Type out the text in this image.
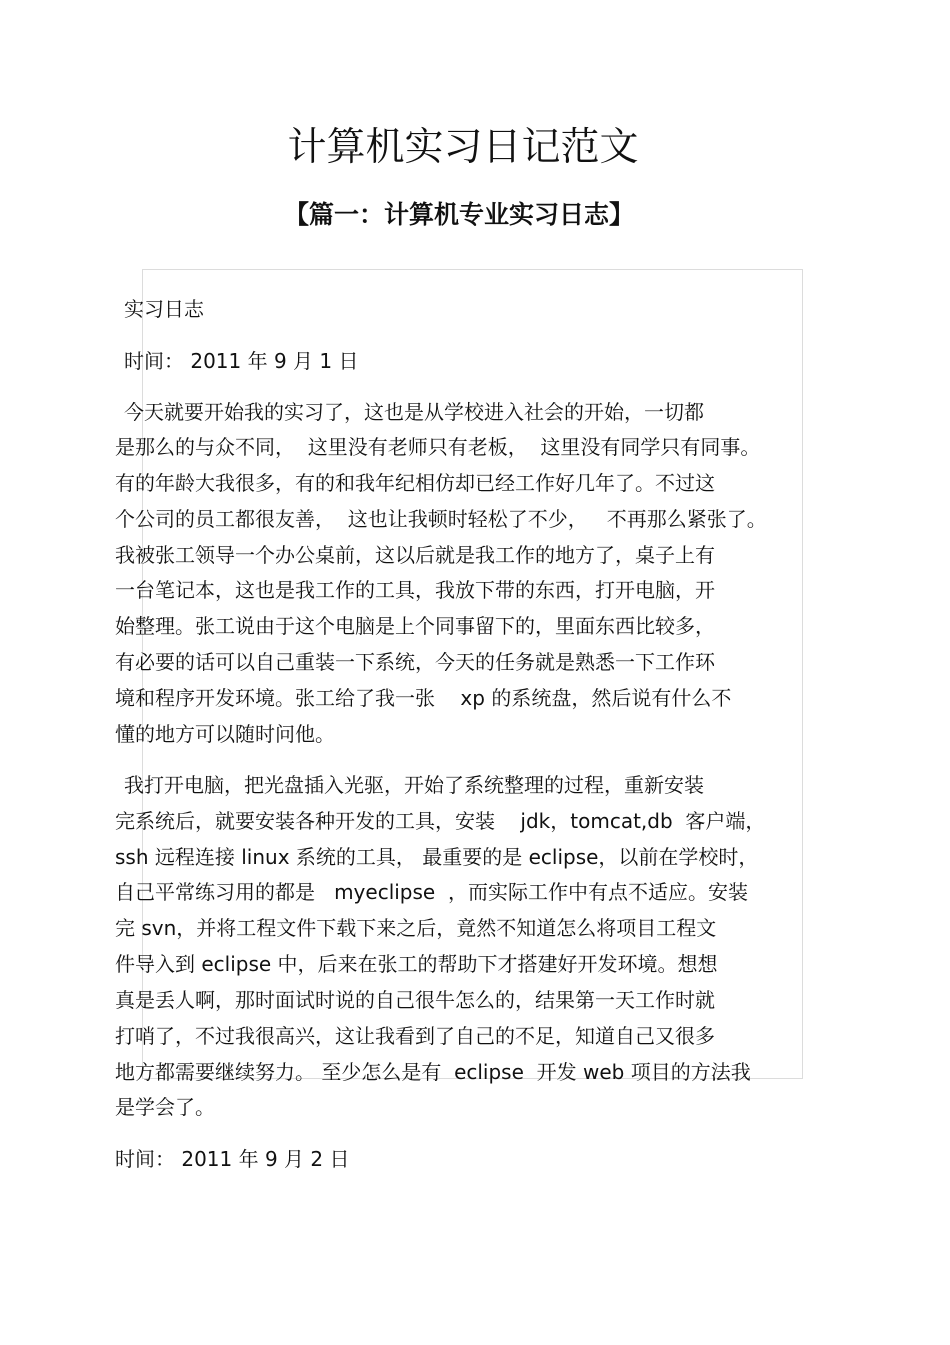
计算机实习日记范文
【篇一：计算机专业实习日志】

实习日志

时间： 2011 年 9 月 1 日

今天就要开始我的实习了，这也是从学校进入社会的开始，一切都

是那么的与众不同，  这里没有老师只有老板，  这里没有同学只有同事。

有的年龄大我很多，有的和我年纪相仿却已经工作好几年了。不过这

个公司的员工都很友善，  这也让我顿时轻松了不少，   不再那么紧张了。

我被张工领导一个办公桌前，这以后就是我工作的地方了，桌子上有

一台笔记本，这也是我工作的工具，我放下带的东西，打开电脑，开

始整理。张工说由于这个电脑是上个同事留下的，里面东西比较多，

有必要的话可以自己重装一下系统，今天的任务就是熟悉一下工作环

境和程序开发环境。张工给了我一张    xp 的系统盘，然后说有什么不

懂的地方可以随时问他。

我打开电脑，把光盘插入光驱，开始了系统整理的过程，重新安装

完系统后，就要安装各种开发的工具，安装    jdk，tomcat,db  客户端，

ssh 远程连接 linux 系统的工具， 最重要的是 eclipse，以前在学校时，

自己平常练习用的都是   myeclipse  ，而实际工作中有点不适应。安装

完 svn，并将工程文件下载下来之后，竟然不知道怎么将项目工程文

件导入到 eclipse 中，后来在张工的帮助下才搭建好开发环境。想想

真是丢人啊，那时面试时说的自己很牛怎么的，结果第一天工作时就

打哨了，不过我很高兴，这让我看到了自己的不足，知道自己又很多

地方都需要继续努力。 至少怎么是有  eclipse  开发 web 项目的方法我

是学会了。

时间： 2011 年 9 月 2 日
